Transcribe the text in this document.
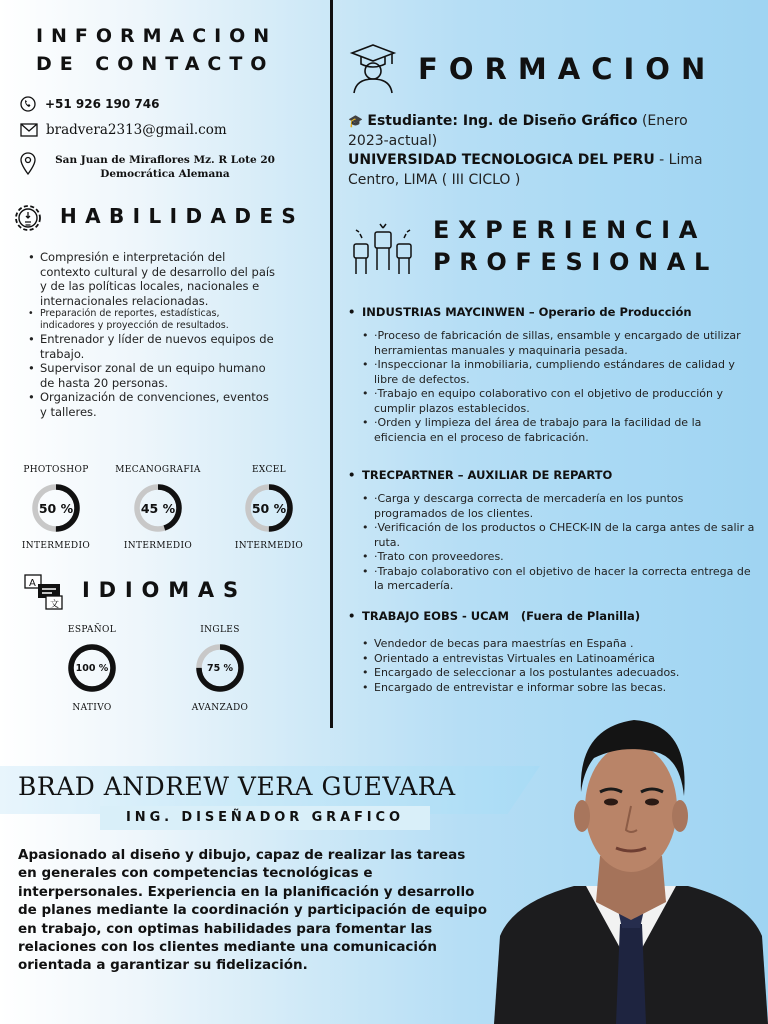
INFORMACION
DE CONTACTO
+51 926 190 746
bradvera2313@gmail.com
San Juan de Miraflores Mz. R Lote 20
Democrática Alemana
HABILIDADES
• Compresión e interpretación del contexto cultural y de desarrollo del país y de las políticas locales, nacionales e internacionales relacionadas.
• Preparación de reportes, estadísticas, indicadores y proyección de resultados.
• Entrenador y líder de nuevos equipos de trabajo.
• Supervisor zonal de un equipo humano de hasta 20 personas.
• Organización de convenciones, eventos y talleres.
PHOTOSHOP
50 %
INTERMEDIO
MECANOGRAFIA
45 %
INTERMEDIO
EXCEL
50 %
INTERMEDIO
A
文
IDIOMAS
ESPAÑOL
100 %
NATIVO
INGLES
75 %
AVANZADO
FORMACION
🎓 Estudiante: Ing. de Diseño Gráfico (Enero 2023-actual)
UNIVERSIDAD TECNOLOGICA DEL PERU - Lima Centro, LIMA ( III CICLO )
EXPERIENCIA
PROFESIONAL
• INDUSTRIAS MAYCINWEN – Operario de Producción
• ·Proceso de fabricación de sillas, ensamble y encargado de utilizar herramientas manuales y maquinaria pesada.
• ·Inspeccionar la inmobiliaria, cumpliendo estándares de calidad y libre de defectos.
• ·Trabajo en equipo colaborativo con el objetivo de producción y cumplir plazos establecidos.
• ·Orden y limpieza del área de trabajo para la facilidad de la eficiencia en el proceso de fabricación.
• TRECPARTNER – AUXILIAR DE REPARTO
• ·Carga y descarga correcta de mercadería en los puntos programados de los clientes.
• ·Verificación de los productos o CHECK-IN de la carga antes de salir a ruta.
• ·Trato con proveedores.
• ·Trabajo colaborativo con el objetivo de hacer la correcta entrega de la mercadería.
• TRABAJO EOBS - UCAM   (Fuera de Planilla)
• Vendedor de becas para maestrías en España .
• Orientado a entrevistas Virtuales en Latinoamérica
• Encargado de seleccionar a los postulantes adecuados.
• Encargado de entrevistar e informar sobre las becas.
BRAD ANDREW VERA GUEVARA
ING. DISEÑADOR GRAFICO
Apasionado al diseño y dibujo, capaz de realizar las tareas en generales con competencias tecnológicas e interpersonales. Experiencia en la planificación y desarrollo de planes mediante la coordinación y participación de equipo en trabajo, con optimas habilidades para fomentar las relaciones con los clientes mediante una comunicación orientada a garantizar su fidelización.
